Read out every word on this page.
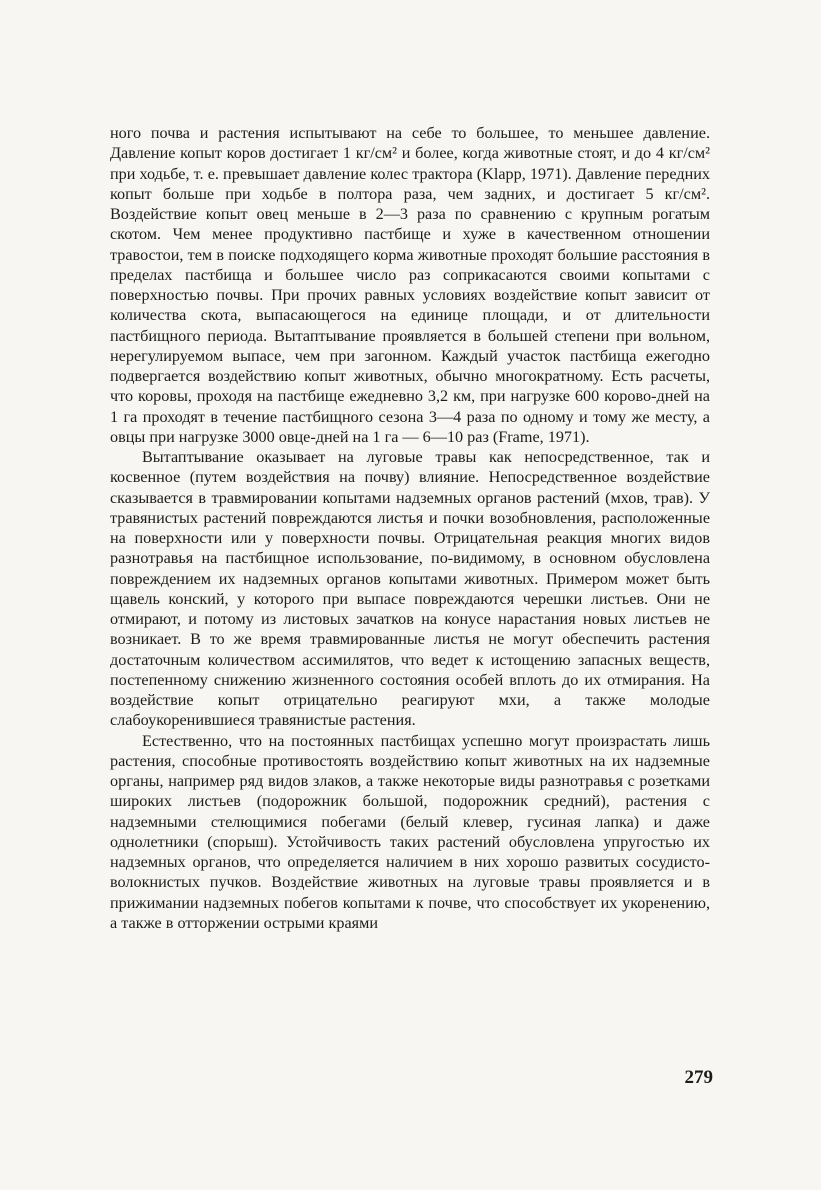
ного почва и растения испытывают на себе то большее, то меньшее давление. Давление копыт коров достигает 1 кг/см² и более, когда животные стоят, и до 4 кг/см² при ходьбе, т. е. превышает давление колес трактора (Klapp, 1971). Давление передних копыт больше при ходьбе в полтора раза, чем задних, и достигает 5 кг/см². Воздействие копыт овец меньше в 2—3 раза по сравнению с крупным рогатым скотом. Чем менее продуктивно пастбище и хуже в качественном отношении травостои, тем в поиске подходящего корма животные проходят большие расстояния в пределах пастбища и большее число раз соприкасаются своими копытами с поверхностью почвы. При прочих равных условиях воздействие копыт зависит от количества скота, выпасающегося на единице площади, и от длительности пастбищного периода. Вытаптывание проявляется в большей степени при вольном, нерегулируемом выпасе, чем при загонном. Каждый участок пастбища ежегодно подвергается воздействию копыт животных, обычно многократному. Есть расчеты, что коровы, проходя на пастбище ежедневно 3,2 км, при нагрузке 600 корово-дней на 1 га проходят в течение пастбищного сезона 3—4 раза по одному и тому же месту, а овцы при нагрузке 3000 овце-дней на 1 га — 6—10 раз (Frame, 1971).

Вытаптывание оказывает на луговые травы как непосредственное, так и косвенное (путем воздействия на почву) влияние. Непосредственное воздействие сказывается в травмировании копытами надземных органов растений (мхов, трав). У травянистых растений повреждаются листья и почки возобновления, расположенные на поверхности или у поверхности почвы. Отрицательная реакция многих видов разнотравья на пастбищное использование, по-видимому, в основном обусловлена повреждением их надземных органов копытами животных. Примером может быть щавель конский, у которого при выпасе повреждаются черешки листьев. Они не отмирают, и потому из листовых зачатков на конусе нарастания новых листьев не возникает. В то же время травмированные листья не могут обеспечить растения достаточным количеством ассимилятов, что ведет к истощению запасных веществ, постепенному снижению жизненного состояния особей вплоть до их отмирания. На воздействие копыт отрицательно реагируют мхи, а также молодые слабоукоренившиеся травянистые растения.

Естественно, что на постоянных пастбищах успешно могут произрастать лишь растения, способные противостоять воздействию копыт животных на их надземные органы, например ряд видов злаков, а также некоторые виды разнотравья с розетками широких листьев (подорожник большой, подорожник средний), растения с надземными стелющимися побегами (белый клевер, гусиная лапка) и даже однолетники (спорыш). Устойчивость таких растений обусловлена упругостью их надземных органов, что определяется наличием в них хорошо развитых сосудисто-волокнистых пучков. Воздействие животных на луговые травы проявляется и в прижимании надземных побегов копытами к почве, что способствует их укоренению, а также в отторжении острыми краями

279
